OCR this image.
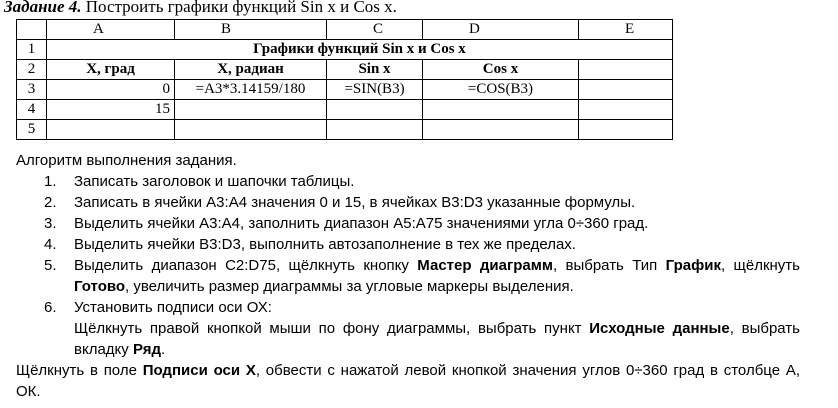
Задание 4. Построить графики функций Sin x и Cos x.
	A	B	C	D	E
1	Графики функций Sin x и Cos x				
2	X, град	X, радиан	Sin x	Cos x	
3	0	=A3*3.14159/180	=SIN(B3)	=COS(B3)	
4	15				
5					

Алгоритм выполнения задания.

1. Записать заголовок и шапочки таблицы.
2. Записать в ячейки А3:А4 значения 0 и 15, в ячейках В3:D3 указанные формулы.
3. Выделить ячейки А3:А4, заполнить диапазон А5:А75 значениями угла 0÷360 град.
4. Выделить ячейки В3:D3, выполнить автозаполнение в тех же пределах.
5. Выделить диапазон C2:D75, щёлкнуть кнопку Мастер диаграмм, выбрать Тип График, щёлкнуть Готово, увеличить размер диаграммы за угловые маркеры выделения.
6. Установить подписи оси ОХ:

Щёлкнуть правой кнопкой мыши по фону диаграммы, выбрать пункт Исходные данные, выбрать вкладку Ряд.

Щёлкнуть в поле Подписи оси Х, обвести с нажатой левой кнопкой значения углов 0÷360 град в столбце А, ОК.
